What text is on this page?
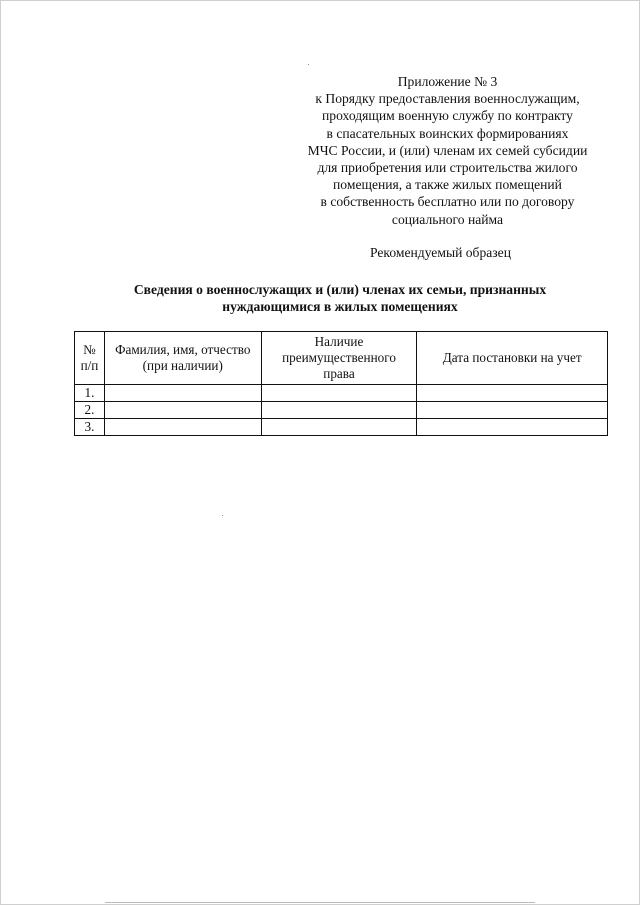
Приложение № 3
к Порядку предоставления военнослужащим,
проходящим военную службу по контракту
в спасательных воинских формированиях
МЧС России, и (или) членам их семей субсидии
для приобретения или строительства жилого
помещения, а также жилых помещений
в собственность бесплатно или по договору
социального найма
Рекомендуемый образец
Сведения о военнослужащих и (или) членах их семьи, признанных
нуждающимися в жилых помещениях
№
п/п	Фамилия, имя, отчество
(при наличии)	Наличие
преимущественного
права	Дата постановки на учет
1.			
2.			
3.			
